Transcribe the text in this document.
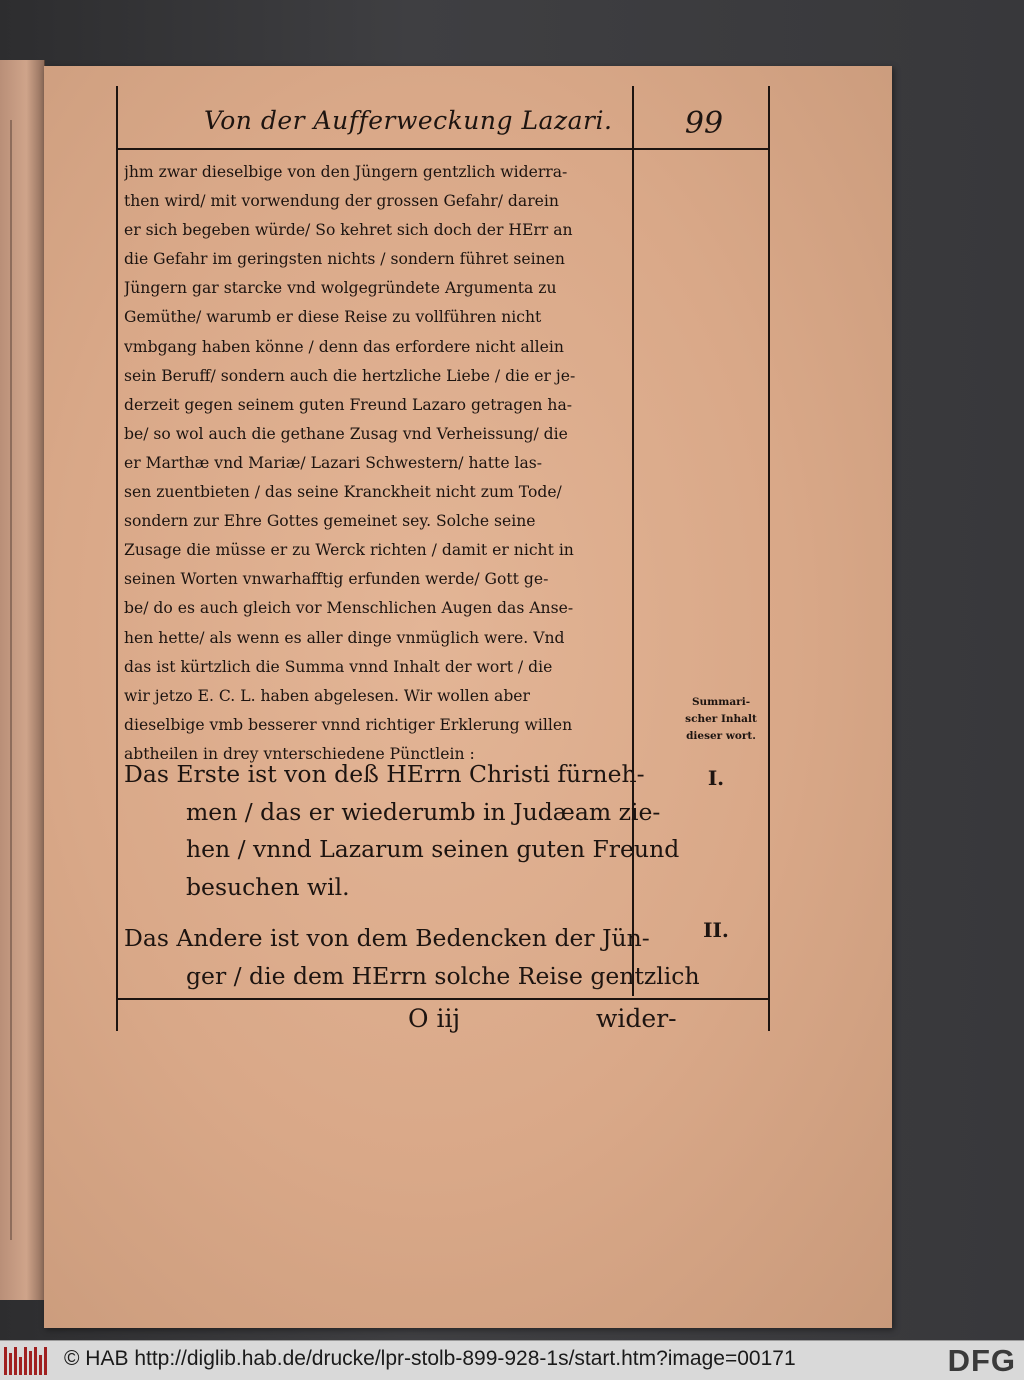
Von der Aufferweckung Lazari.	99
jhm zwar dieselbige von den Jüngern gentzlich widerra-
then wird/ mit vorwendung der grossen Gefahr/ darein
er sich begeben würde/ So kehret sich doch der HErr an
die Gefahr im geringsten nichts / sondern führet seinen
Jüngern gar starcke vnd wolgegründete Argumenta zu
Gemüthe/ warumb er diese Reise zu vollführen nicht
vmbgang haben könne / denn das erfordere nicht allein
sein Beruff/ sondern auch die hertzliche Liebe / die er je-
derzeit gegen seinem guten Freund Lazaro getragen ha-
be/ so wol auch die gethane Zusag vnd Verheissung/ die
er Marthæ vnd Mariæ/ Lazari Schwestern/ hatte las-
sen zuentbieten / das seine Kranckheit nicht zum Tode/
sondern zur Ehre Gottes gemeinet sey. Solche seine
Zusage die müsse er zu Werck richten / damit er nicht in
seinen Worten vnwarhafftig erfunden werde/ Gott ge-
be/ do es auch gleich vor Menschlichen Augen das Anse-
hen hette/ als wenn es aller dinge vnmüglich were. Vnd
das ist kürtzlich die Summa vnnd Inhalt der wort / die
wir jetzo E. C. L. haben abgelesen. Wir wollen aber
dieselbige vmb besserer vnnd richtiger Erklerung willen
abtheilen in drey vnterschiedene Pünctlein :
Summari-
scher Inhalt
dieser wort.
Das Erste ist von deß HErrn Christi fürneh-
men / das er wiederumb in Judæam zie-
hen / vnnd Lazarum seinen guten Freund
besuchen wil.
Das Andere ist von dem Bedencken der Jün-
ger / die dem HErrn solche Reise gentzlich
I.
II.
O iij	wider-
© HAB http://diglib.hab.de/drucke/lpr-stolb-899-928-1s/start.htm?image=00171	DFG
